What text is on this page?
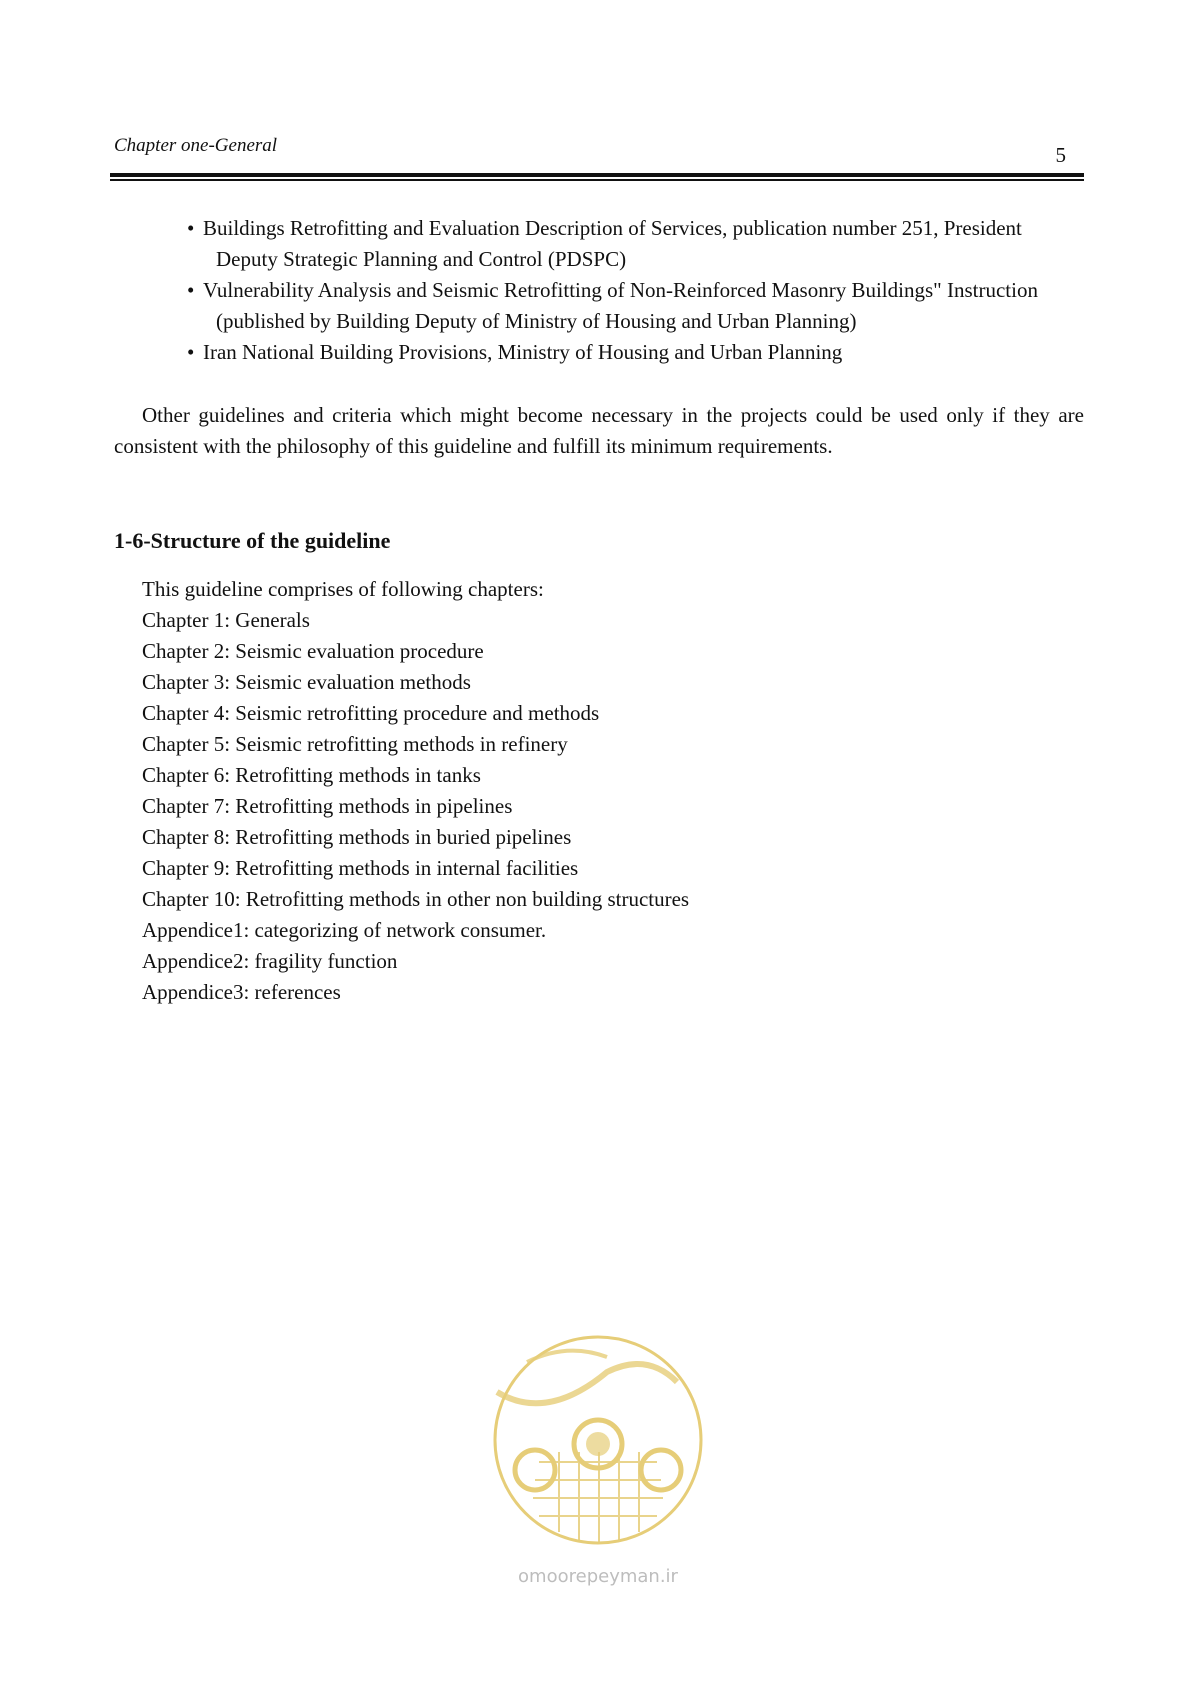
Chapter one-General	5
• Buildings Retrofitting and Evaluation Description of Services, publication number 251, President
Deputy Strategic Planning and Control (PDSPC)
• Vulnerability Analysis and Seismic Retrofitting of Non-Reinforced Masonry Buildings" Instruction
(published by Building Deputy of Ministry of Housing and Urban Planning)
• Iran National Building Provisions, Ministry of Housing and Urban Planning

Other guidelines and criteria which might become necessary in the projects could be used only if they are consistent with the philosophy of this guideline and fulfill its minimum requirements.

1-6-Structure of the guideline
This guideline comprises of following chapters:
Chapter 1: Generals
Chapter 2: Seismic evaluation procedure
Chapter 3: Seismic evaluation methods
Chapter 4: Seismic retrofitting procedure and methods
Chapter 5: Seismic retrofitting methods in refinery
Chapter 6: Retrofitting methods in tanks
Chapter 7: Retrofitting methods in pipelines
Chapter 8: Retrofitting methods in buried pipelines
Chapter 9: Retrofitting methods in internal facilities
Chapter 10: Retrofitting methods in other non building structures
Appendice1: categorizing of network consumer.
Appendice2: fragility function
Appendice3: references
omoorepeyman.ir
